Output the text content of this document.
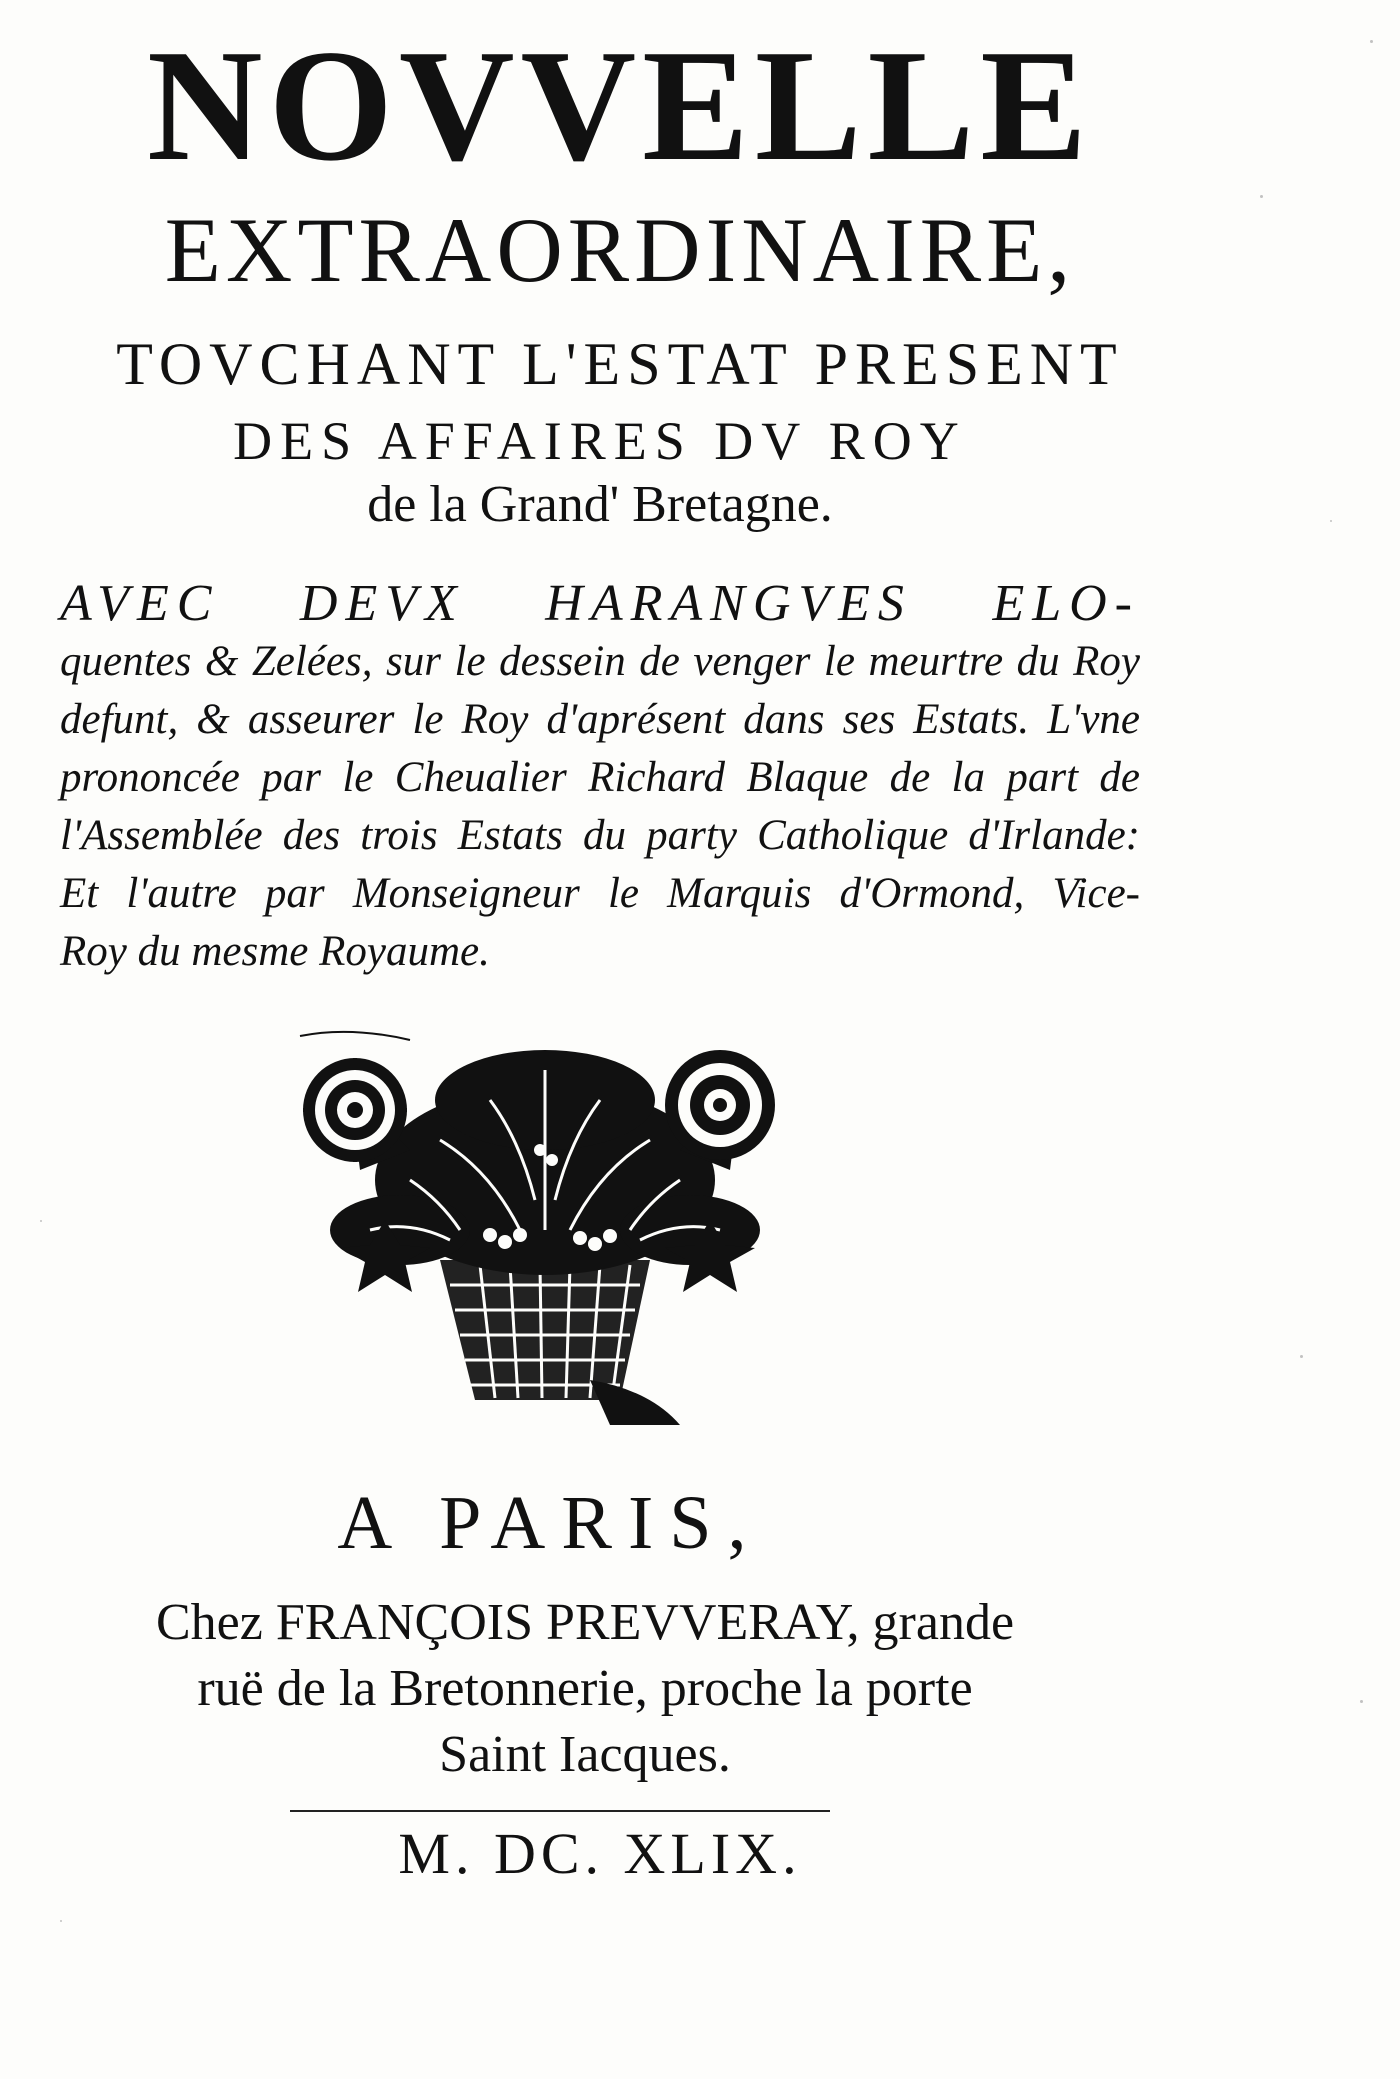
NOVVELLE
EXTRAORDINAIRE,
TOVCHANT L'ESTAT PRESENT
DES AFFAIRES DV ROY
de la Grand' Bretagne.
AVEC DEVX HARANGVES ELO-
quentes & Zelées, sur le dessein de venger le meurtre du Roy
defunt, & asseurer le Roy d'aprésent dans ses Estats. L'vne
prononcée par le Cheualier Richard Blaque de la part de
l'Assemblée des trois Estats du party Catholique d'Irlande:
Et l'autre par Monseigneur le Marquis d'Ormond, Vice-
Roy du mesme Royaume.
A PARIS,
Chez FRANÇOIS PREVVERAY, grande
ruë de la Bretonnerie, proche la porte
Saint Iacques.
M. DC. XLIX.
